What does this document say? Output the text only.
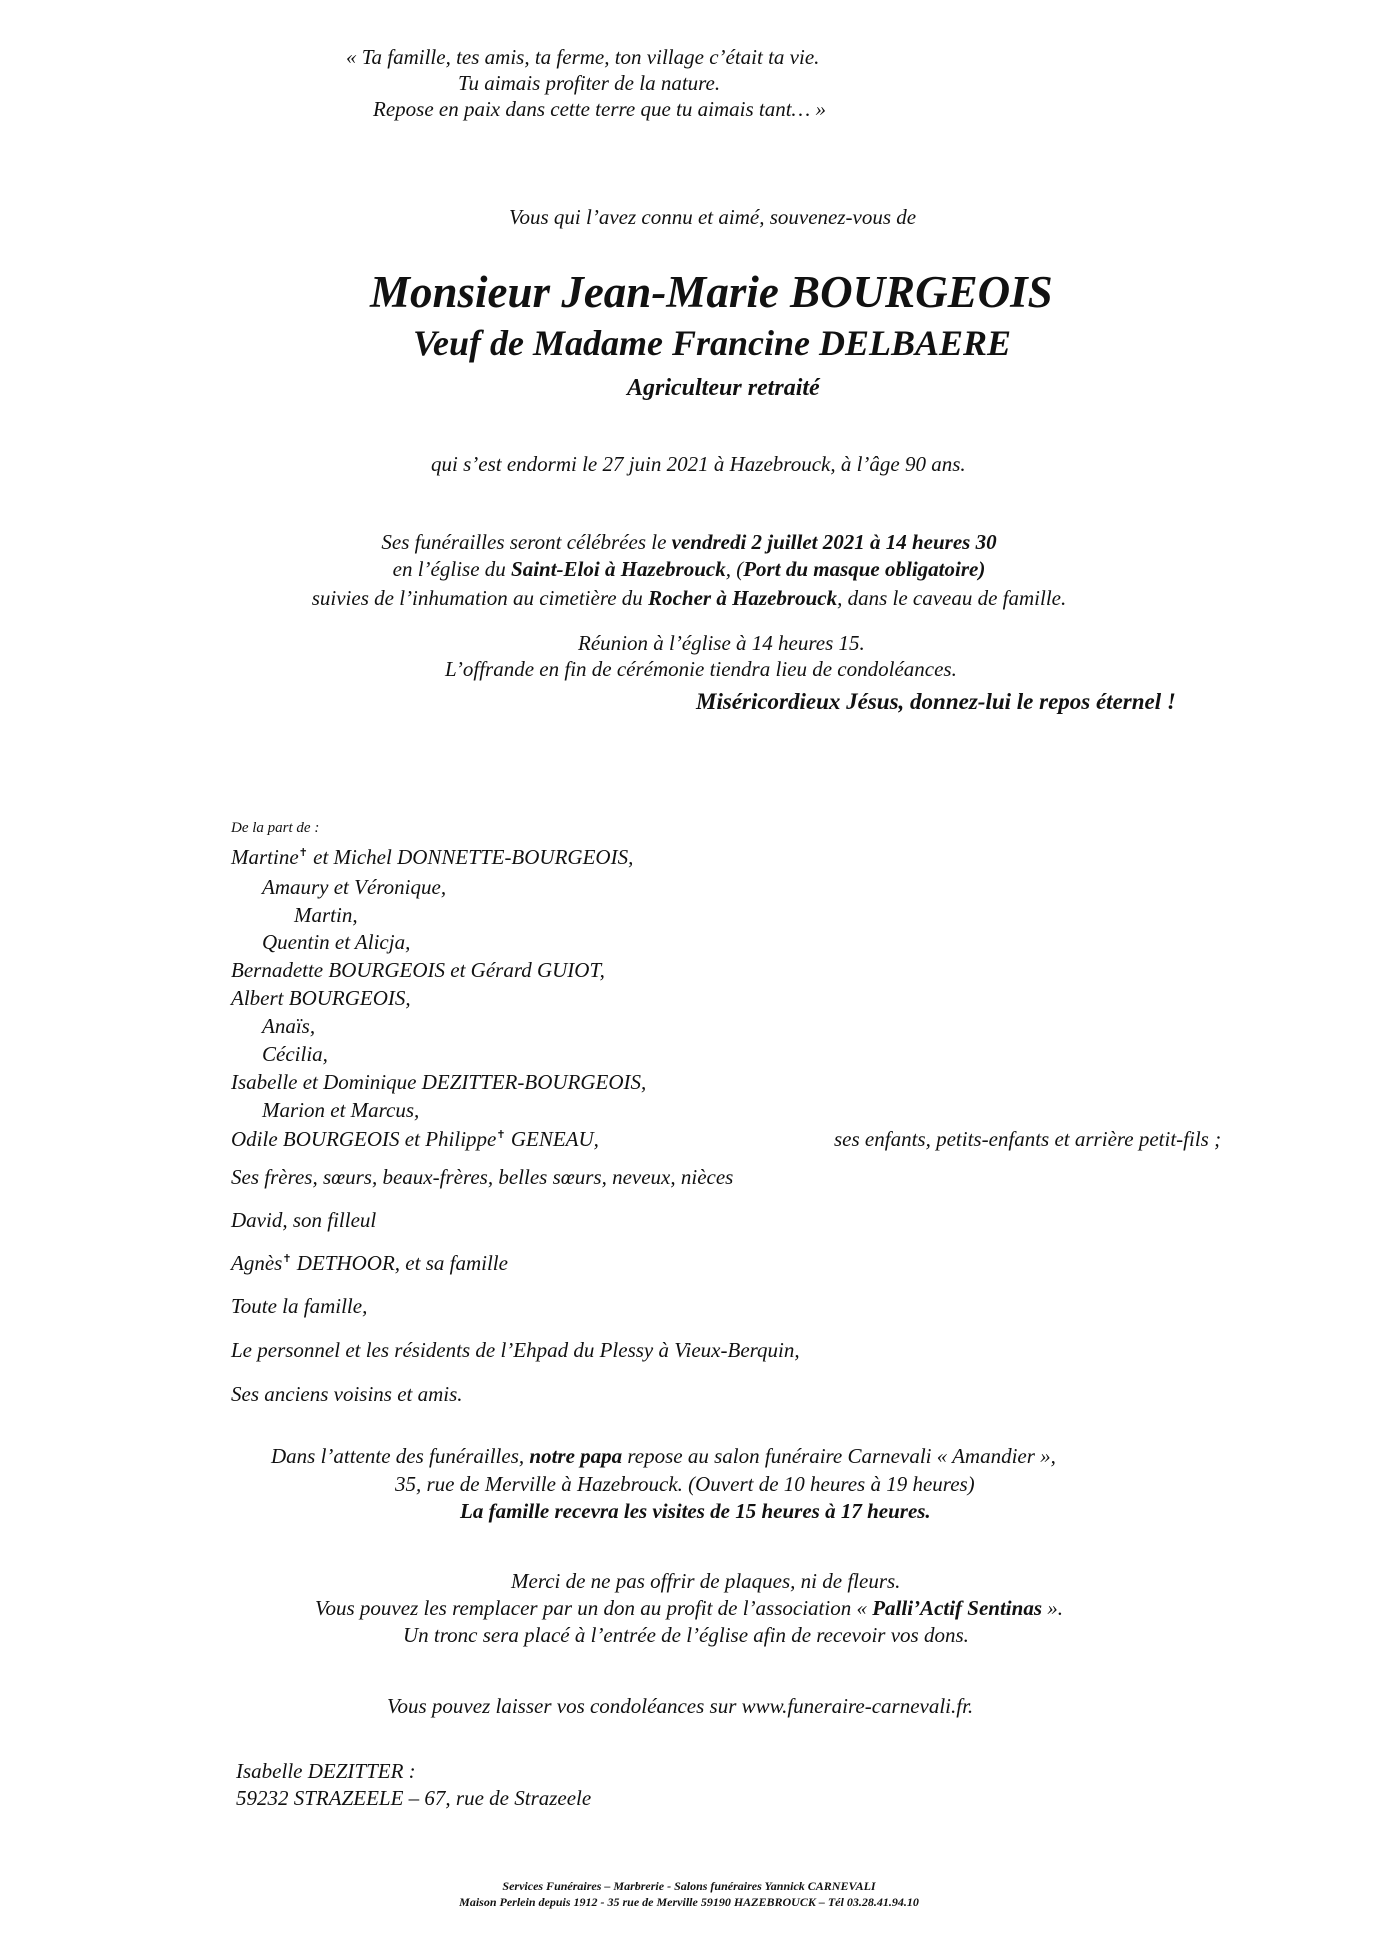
« Ta famille, tes amis, ta ferme, ton village c’était ta vie.
Tu aimais profiter de la nature.
Repose en paix dans cette terre que tu aimais tant… »
Vous qui l’avez connu et aimé, souvenez-vous de
Monsieur Jean-Marie BOURGEOIS
Veuf de Madame Francine DELBAERE
Agriculteur retraité
qui s’est endormi le 27 juin 2021 à Hazebrouck, à l’âge 90 ans.
Ses funérailles seront célébrées le vendredi 2 juillet 2021 à 14 heures 30
en l’église du Saint-Eloi à Hazebrouck, (Port du masque obligatoire)
suivies de l’inhumation au cimetière du Rocher à Hazebrouck, dans le caveau de famille.
Réunion à l’église à 14 heures 15.
L’offrande en fin de cérémonie tiendra lieu de condoléances.
Miséricordieux Jésus, donnez-lui le repos éternel !
De la part de :
Martine✝ et Michel DONNETTE-BOURGEOIS,
Amaury et Véronique,
Martin,
Quentin et Alicja,
Bernadette BOURGEOIS et Gérard GUIOT,
Albert BOURGEOIS,
Anaïs,
Cécilia,
Isabelle et Dominique DEZITTER-BOURGEOIS,
Marion et Marcus,
Odile BOURGEOIS et Philippe✝ GENEAU,	ses enfants, petits-enfants et arrière petit-fils ;
Ses frères, sœurs, beaux-frères, belles sœurs, neveux, nièces
David, son filleul
Agnès✝ DETHOOR, et sa famille
Toute la famille,
Le personnel et les résidents de l’Ehpad du Plessy à Vieux-Berquin,
Ses anciens voisins et amis.
Dans l’attente des funérailles, notre papa repose au salon funéraire Carnevali « Amandier »,
35, rue de Merville à Hazebrouck. (Ouvert de 10 heures à 19 heures)
La famille recevra les visites de 15 heures à 17 heures.
Merci de ne pas offrir de plaques, ni de fleurs.
Vous pouvez les remplacer par un don au profit de l’association « Palli’Actif Sentinas ».
Un tronc sera placé à l’entrée de l’église afin de recevoir vos dons.
Vous pouvez laisser vos condoléances sur www.funeraire-carnevali.fr.
Isabelle DEZITTER :
59232 STRAZEELE – 67, rue de Strazeele
Services Funéraires – Marbrerie - Salons funéraires Yannick CARNEVALI
Maison Perlein depuis 1912 - 35 rue de Merville 59190 HAZEBROUCK – Tél 03.28.41.94.10
